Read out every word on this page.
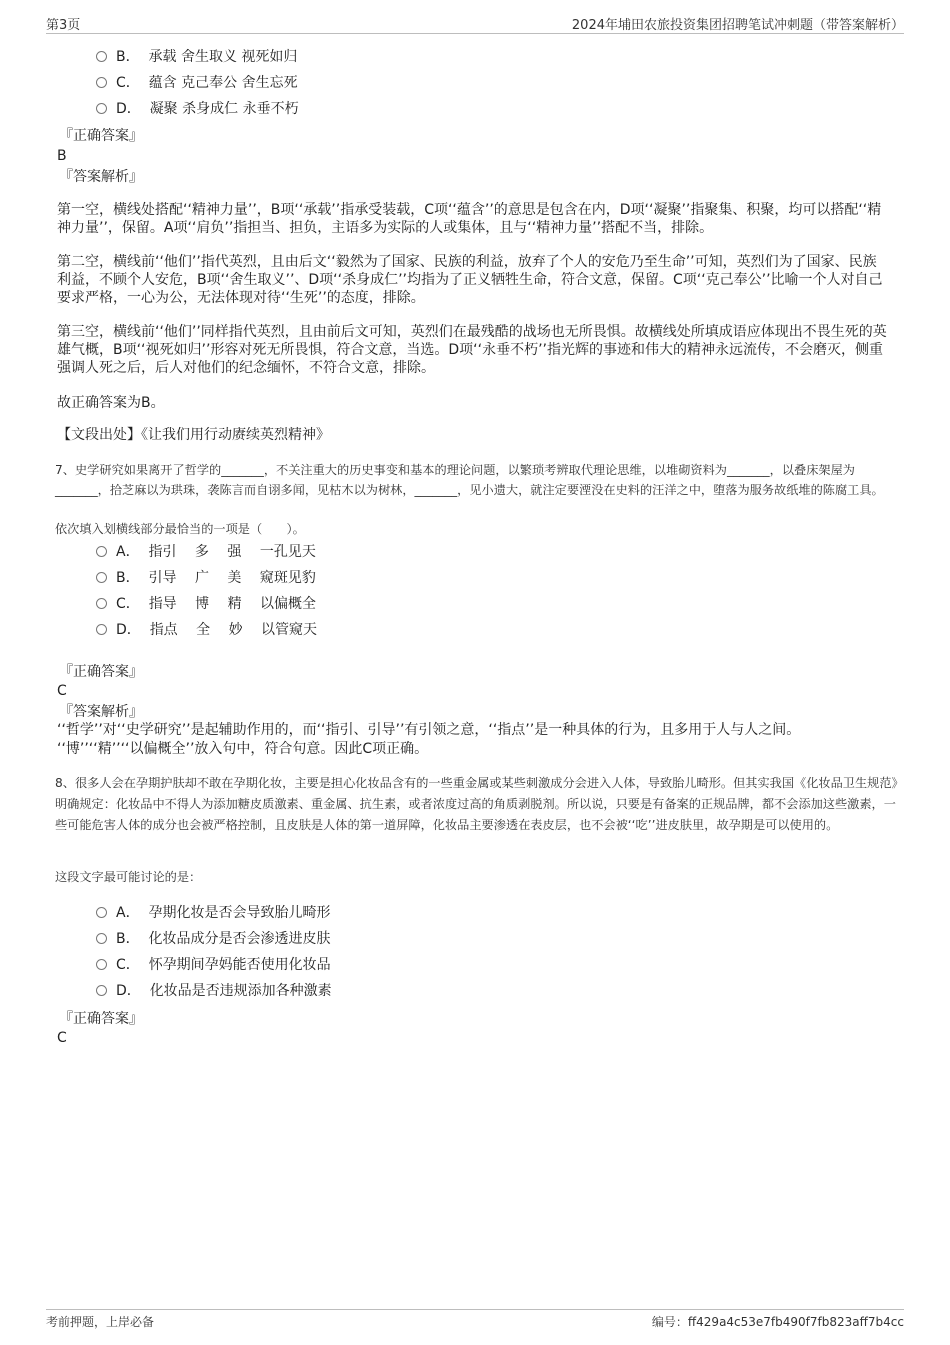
第3页	2024年埔田农旅投资集团招聘笔试冲刺题（带答案解析）
B． 承载 舍生取义 视死如归
C． 蕴含 克己奉公 舍生忘死
D． 凝聚 杀身成仁 永垂不朽
『正确答案』
B
『答案解析』
第一空，横线处搭配‘‘精神力量’’，B项‘‘承载’’指承受装载，C项‘‘蕴含’’的意思是包含在内，D项‘‘凝聚’’指聚集、积聚，均可以搭配‘‘精神力量’’，保留。A项‘‘肩负’’指担当、担负，主语多为实际的人或集体，且与‘‘精神力量’’搭配不当，排除。
第二空，横线前‘‘他们’’指代英烈，且由后文‘‘毅然为了国家、民族的利益，放弃了个人的安危乃至生命’’可知，英烈们为了国家、民族利益，不顾个人安危，B项‘‘舍生取义’’、D项‘‘杀身成仁’’均指为了正义牺牲生命，符合文意，保留。C项‘‘克己奉公’’比喻一个人对自己要求严格，一心为公，无法体现对待‘‘生死’’的态度，排除。
第三空，横线前‘‘他们’’同样指代英烈，且由前后文可知，英烈们在最残酷的战场也无所畏惧。故横线处所填成语应体现出不畏生死的英雄气概，B项‘‘视死如归’’形容对死无所畏惧，符合文意，当选。D项‘‘永垂不朽’’指光辉的事迹和伟大的精神永远流传，不会磨灭，侧重强调人死之后，后人对他们的纪念缅怀，不符合文意，排除。
故正确答案为B。
【文段出处】《让我们用行动赓续英烈精神》
7、史学研究如果离开了哲学的_______，不关注重大的历史事变和基本的理论问题，以繁琐考辨取代理论思维，以堆砌资料为_______，以叠床架屋为_______，拾芝麻以为珙珠，袭陈言而自诩多闻，见枯木以为树林，_______，见小遗大，就注定要湮没在史料的汪洋之中，堕落为服务故纸堆的陈腐工具。
依次填入划横线部分最恰当的一项是（　　）。
A． 指引　 多　 强　 一孔见天
B． 引导　 广　 美　 窥斑见豹
C． 指导　 博　 精　 以偏概全
D． 指点　 全　 妙　 以管窥天
『正确答案』
C
『答案解析』
‘‘哲学’’对‘‘史学研究’’是起辅助作用的，而‘‘指引、引导’’有引领之意，‘‘指点’’是一种具体的行为，且多用于人与人之间。
‘‘博’’‘‘精’’‘‘以偏概全’’放入句中，符合句意。因此C项正确。
8、很多人会在孕期护肤却不敢在孕期化妆，主要是担心化妆品含有的一些重金属或某些刺激成分会进入人体，导致胎儿畸形。但其实我国《化妆品卫生规范》明确规定：化妆品中不得人为添加糖皮质激素、重金属、抗生素，或者浓度过高的角质剥脱剂。所以说，只要是有备案的正规品牌，都不会添加这些激素，一些可能危害人体的成分也会被严格控制，且皮肤是人体的第一道屏障，化妆品主要渗透在表皮层，也不会被‘‘吃’’进皮肤里，故孕期是可以使用的。
这段文字最可能讨论的是：
A． 孕期化妆是否会导致胎儿畸形
B． 化妆品成分是否会渗透进皮肤
C． 怀孕期间孕妈能否使用化妆品
D． 化妆品是否违规添加各种激素
『正确答案』
C
考前押题，上岸必备	编号：ff429a4c53e7fb490f7fb823aff7b4cc
